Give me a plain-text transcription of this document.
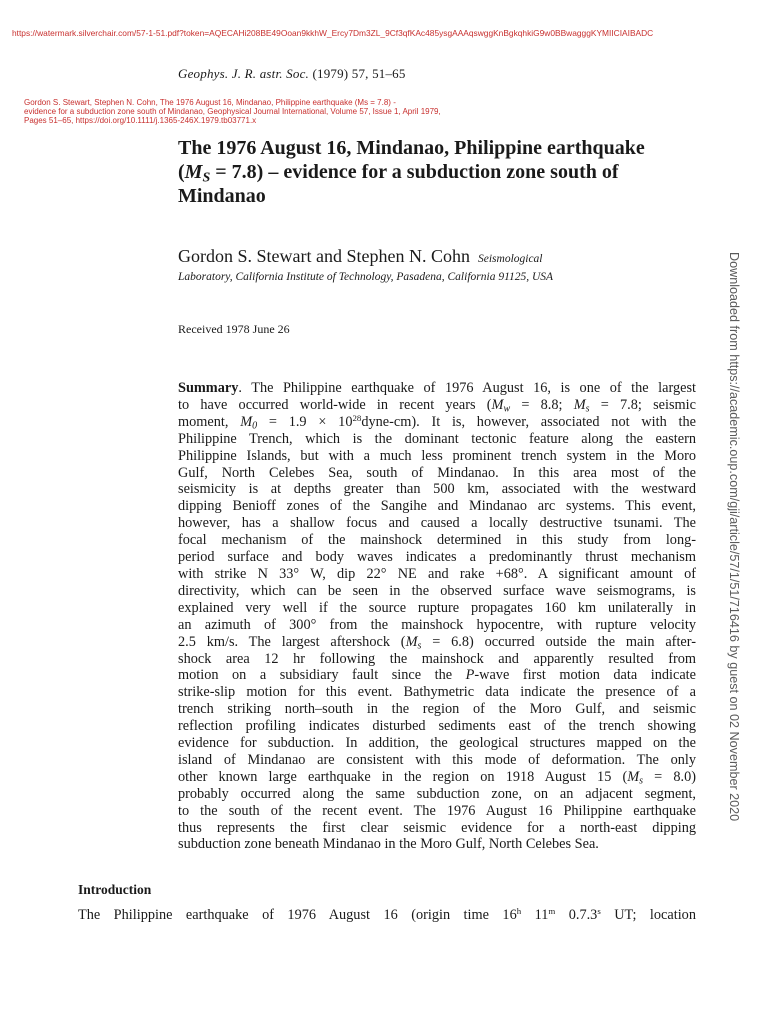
https://watermark.silverchair.com/57-1-51.pdf?token=AQECAHi208BE49Ooan9kkhW_Ercy7Dm3ZL_9Cf3qfKAc485ysgAAAqswggKnBgkqhkiG9w0BBwagggKYMIICIAIBADC
Geophys. J. R. astr. Soc. (1979) 57, 51–65
Gordon S. Stewart, Stephen N. Cohn, The 1976 August 16, Mindanao, Philippine earthquake (Ms = 7.8) -
evidence for a subduction zone south of Mindanao, Geophysical Journal International, Volume 57, Issue 1, April 1979,
Pages 51–65, https://doi.org/10.1111/j.1365-246X.1979.tb03771.x
The 1976 August 16, Mindanao, Philippine earthquake
$(M_S = 7.8)$ – evidence for a subduction zone south of
Mindanao
Gordon S. Stewart and Stephen N. Cohn Seismological
Laboratory, California Institute of Technology, Pasadena, California 91125, USA
Received 1978 June 26
Summary. The Philippine earthquake of 1976 August 16, is one of the largest
to have occurred world-wide in recent years ($M_w = 8.8$; $M_s = 7.8$; seismic
moment, $M_0 = 1.9$ × $10^{28}dyne-cm$). It is, however, associated not with the
Philippine Trench, which is the dominant tectonic feature along the eastern
Philippine Islands, but with a much less prominent trench system in the Moro
Gulf, North Celebes Sea, south of Mindanao. In this area most of the
seismicity is at depths greater than 500 km, associated with the westward
dipping Benioff zones of the Sangihe and Mindanao arc systems. This event,
however, has a shallow focus and caused a locally destructive tsunami. The
focal mechanism of the mainshock determined in this study from long-
period surface and body waves indicates a predominantly thrust mechanism
with strike N 33° W, dip 22° NE and rake +68°. A significant amount of
directivity, which can be seen in the observed surface wave seismograms, is
explained very well if the source rupture propagates 160 km unilaterally in
an azimuth of 300° from the mainshock hypocentre, with rupture velocity
2.5 km/s. The largest aftershock $(M_s = 6.8)$ occurred outside the main after-
shock area 12 hr following the mainshock and apparently resulted from
motion on a subsidiary fault since the P-wave first motion data indicate
strike-slip motion for this event. Bathymetric data indicate the presence of a
trench striking north–south in the region of the Moro Gulf, and seismic
reflection profiling indicates disturbed sediments east of the trench showing
evidence for subduction. In addition, the geological structures mapped on the
island of Mindanao are consistent with this mode of deformation. The only
other known large earthquake in the region on 1918 August 15 $(M_s = 8.0)$
probably occurred along the same subduction zone, on an adjacent segment,
to the south of the recent event. The 1976 August 16 Philippine earthquake
thus represents the first clear seismic evidence for a north-east dipping
subduction zone beneath Mindanao in the Moro Gulf, North Celebes Sea.
Introduction
The Philippine earthquake of 1976 August 16 (origin time 16$^h$ 11$^m$ 0.7.3$^s$ UT; location
Downloaded from https://academic.oup.com/gji/article/57/1/51/716416 by guest on 02 November 2020
